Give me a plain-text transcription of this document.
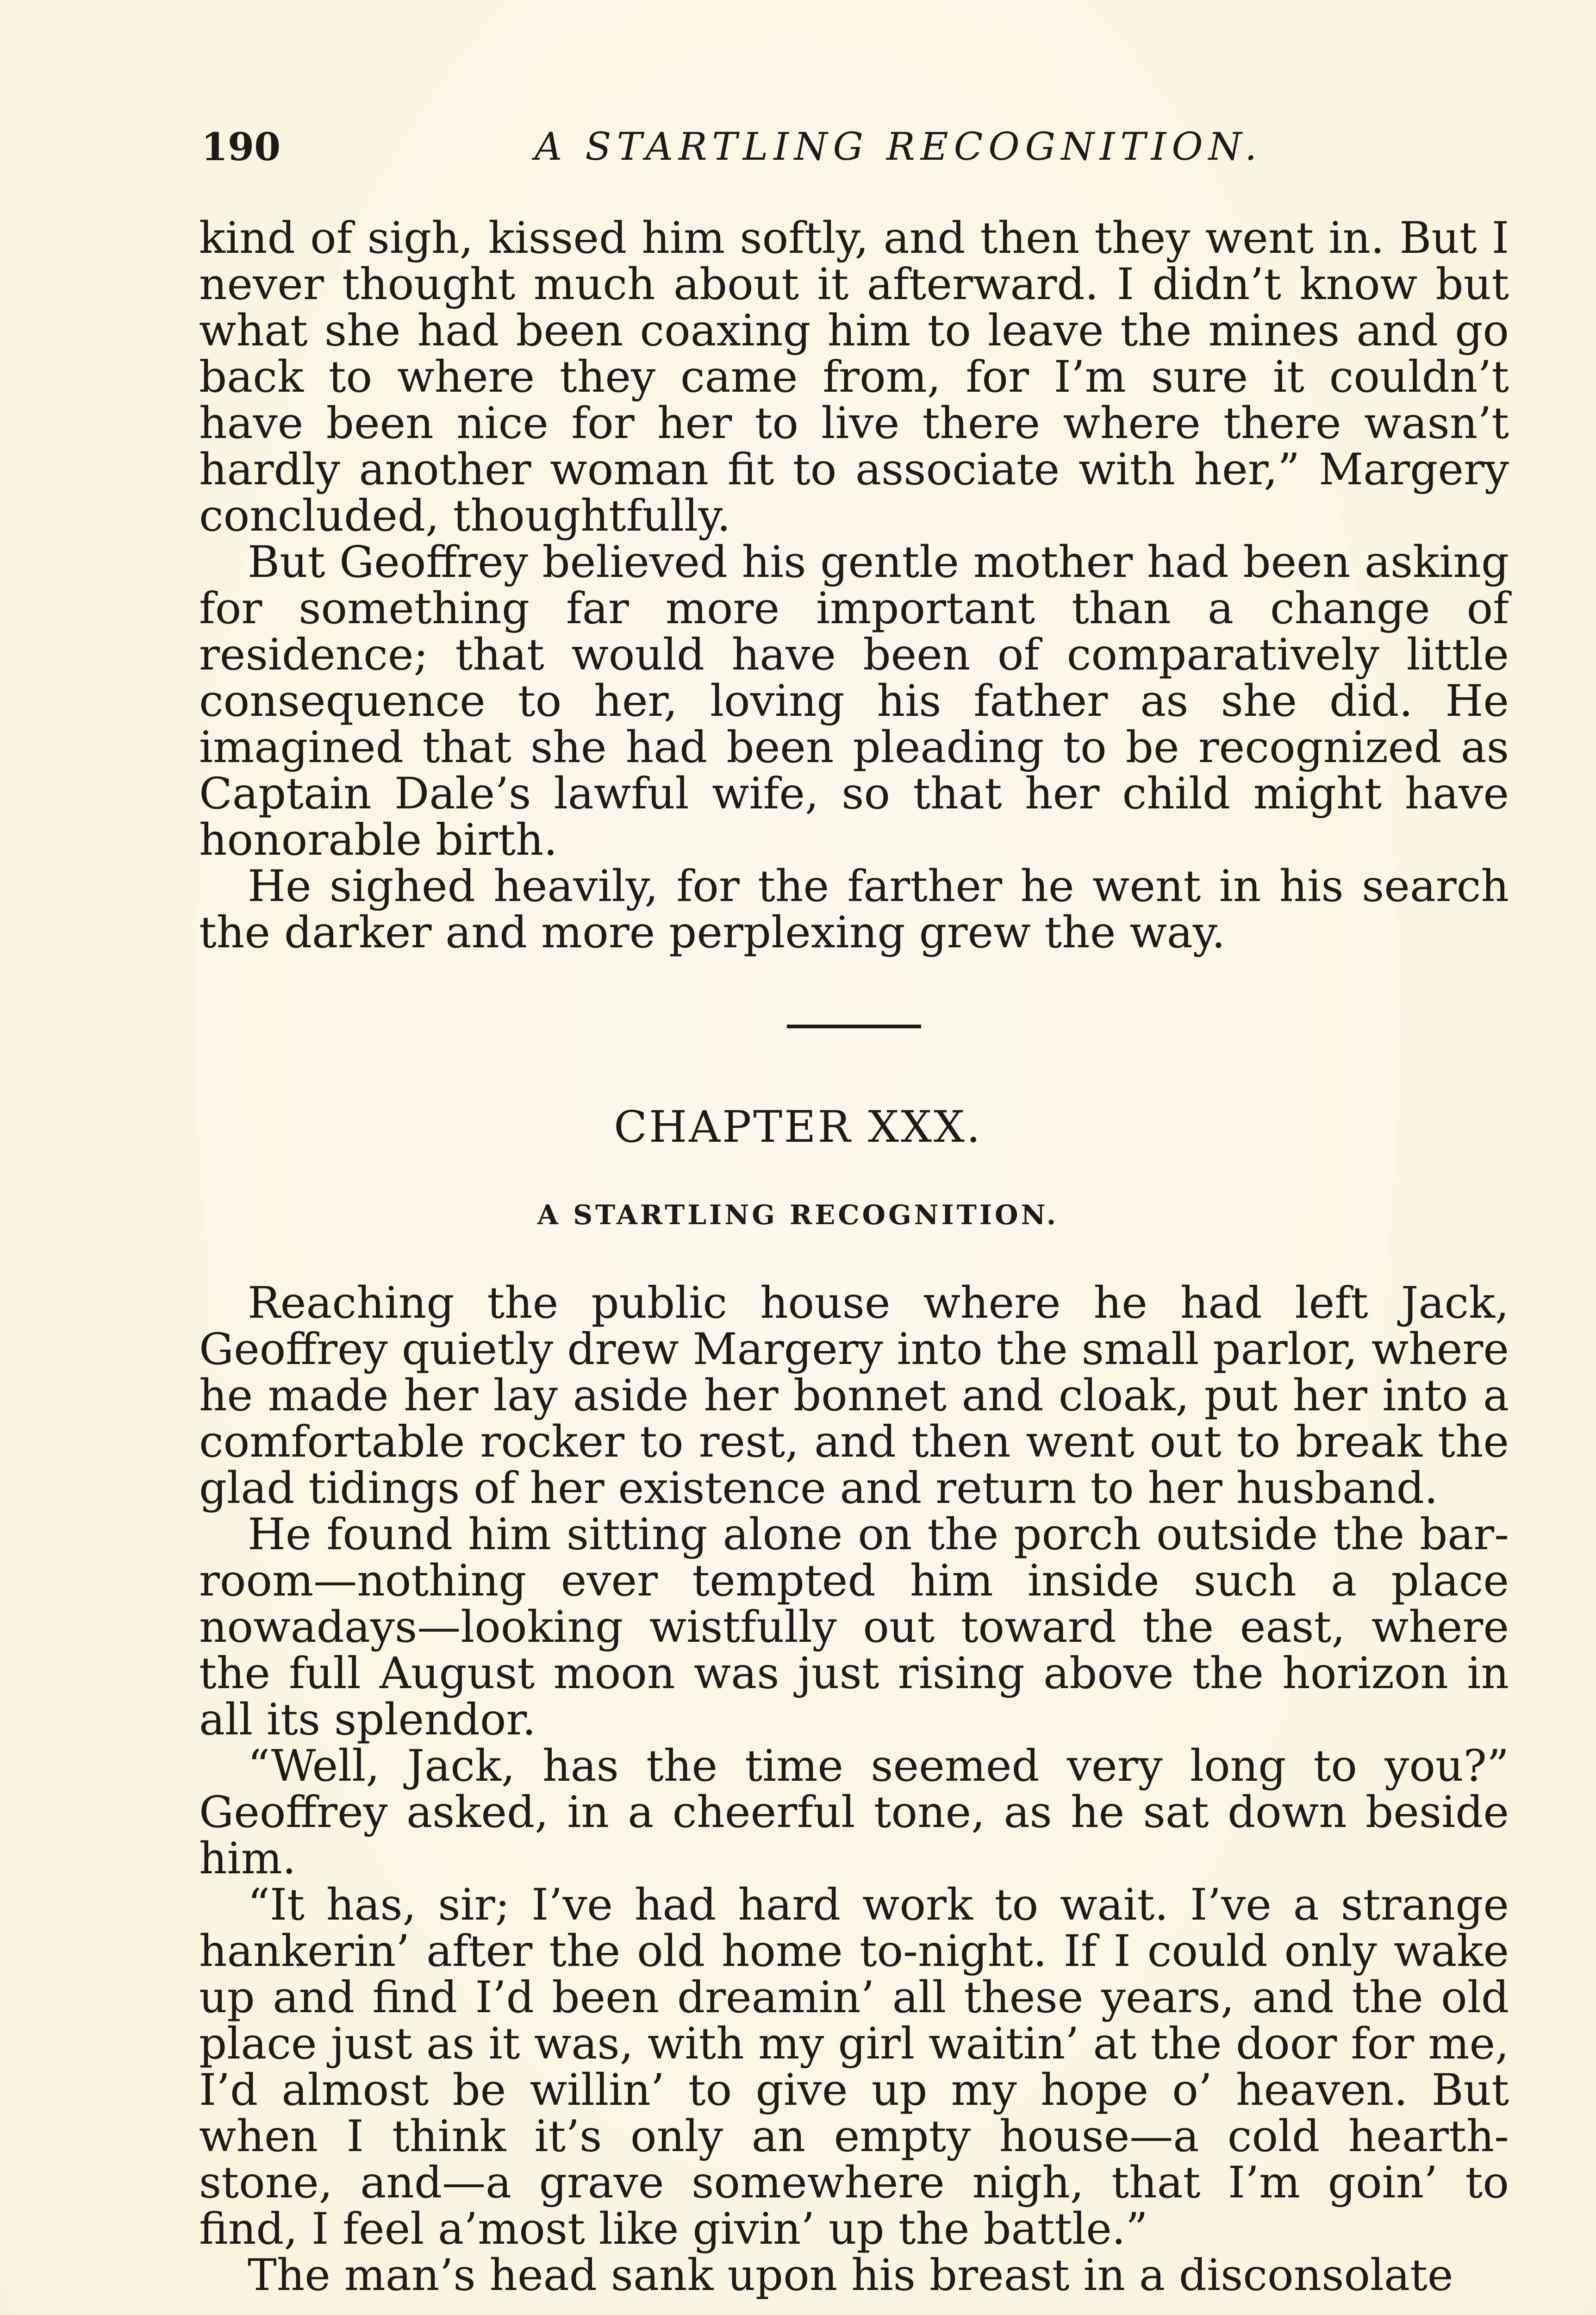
190	A STARTLING RECOGNITION.

kind of sigh, kissed him softly, and then they went in. But I never thought much about it afterward. I didn’t know but what she had been coaxing him to leave the mines and go back to where they came from, for I’m sure it couldn’t have been nice for her to live there where there wasn’t hardly another woman fit to associate with her,” Margery concluded, thoughtfully.

But Geoffrey believed his gentle mother had been asking for something far more important than a change of residence; that would have been of comparatively little consequence to her, loving his father as she did. He imagined that she had been pleading to be recognized as Captain Dale’s lawful wife, so that her child might have honorable birth.

He sighed heavily, for the farther he went in his search the darker and more perplexing grew the way.

CHAPTER XXX.
A STARTLING RECOGNITION.

Reaching the public house where he had left Jack, Geoffrey quietly drew Margery into the small parlor, where he made her lay aside her bonnet and cloak, put her into a comfortable rocker to rest, and then went out to break the glad tidings of her existence and return to her husband.

He found him sitting alone on the porch outside the bar-room—nothing ever tempted him inside such a place nowadays—looking wistfully out toward the east, where the full August moon was just rising above the horizon in all its splendor.

“Well, Jack, has the time seemed very long to you?” Geoffrey asked, in a cheerful tone, as he sat down beside him.

“It has, sir; I’ve had hard work to wait. I’ve a strange hankerin’ after the old home to-night. If I could only wake up and find I’d been dreamin’ all these years, and the old place just as it was, with my girl waitin’ at the door for me, I’d almost be willin’ to give up my hope o’ heaven. But when I think it’s only an empty house—a cold hearth-stone, and—a grave somewhere nigh, that I’m goin’ to find, I feel a’most like givin’ up the battle.”

The man’s head sank upon his breast in a disconsolate
